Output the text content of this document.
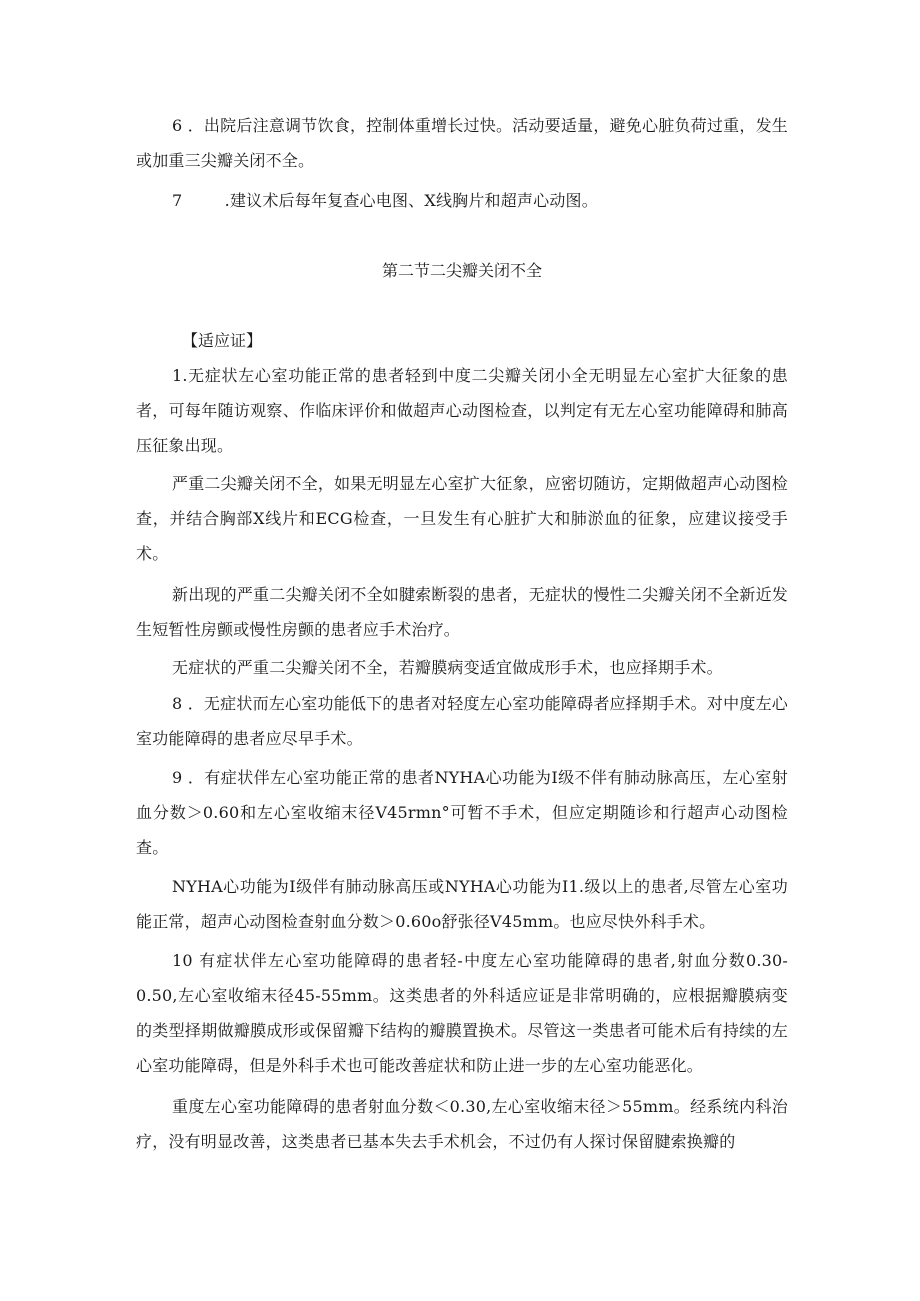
6 ．出院后注意调节饮食，控制体重增长过快。活动要适量，避免心脏负荷过重，发生或加重三尖瓣关闭不全。

7        .建议术后每年复查心电图、X线胸片和超声心动图。

第二节二尖瓣关闭不全

【适应证】

1.无症状左心室功能正常的患者轻到中度二尖瓣关闭小全无明显左心室扩大征象的患者，可每年随访观察、作临床评价和做超声心动图检查，以判定有无左心室功能障碍和肺高压征象出现。

严重二尖瓣关闭不全，如果无明显左心室扩大征象，应密切随访，定期做超声心动图检查，并结合胸部X线片和ECG检查，一旦发生有心脏扩大和肺淤血的征象，应建议接受手术。

新出现的严重二尖瓣关闭不全如腱索断裂的患者，无症状的慢性二尖瓣关闭不全新近发生短暂性房颤或慢性房颤的患者应手术治疗。

无症状的严重二尖瓣关闭不全，若瓣膜病变适宜做成形手术，也应择期手术。

8 ．无症状而左心室功能低下的患者对轻度左心室功能障碍者应择期手术。对中度左心室功能障碍的患者应尽早手术。

9 ．有症状伴左心室功能正常的患者NYHA心功能为I级不伴有肺动脉高压，左心室射血分数＞0.60和左心室收缩末径V45rmn°可暂不手术，但应定期随诊和行超声心动图检查。

NYHA心功能为I级伴有肺动脉高压或NYHA心功能为I1.级以上的患者,尽管左心室功能正常，超声心动图检查射血分数＞0.60o舒张径V45mm。也应尽快外科手术。

10 有症状伴左心室功能障碍的患者轻-中度左心室功能障碍的患者,射血分数0.30-0.50,左心室收缩末径45-55mm。这类患者的外科适应证是非常明确的，应根据瓣膜病变的类型择期做瓣膜成形或保留瓣下结构的瓣膜置换术。尽管这一类患者可能术后有持续的左心室功能障碍，但是外科手术也可能改善症状和防止进一步的左心室功能恶化。

重度左心室功能障碍的患者射血分数＜0.30,左心室收缩末径＞55mm。经系统内科治疗，没有明显改善，这类患者已基本失去手术机会，不过仍有人探讨保留腱索换瓣的
